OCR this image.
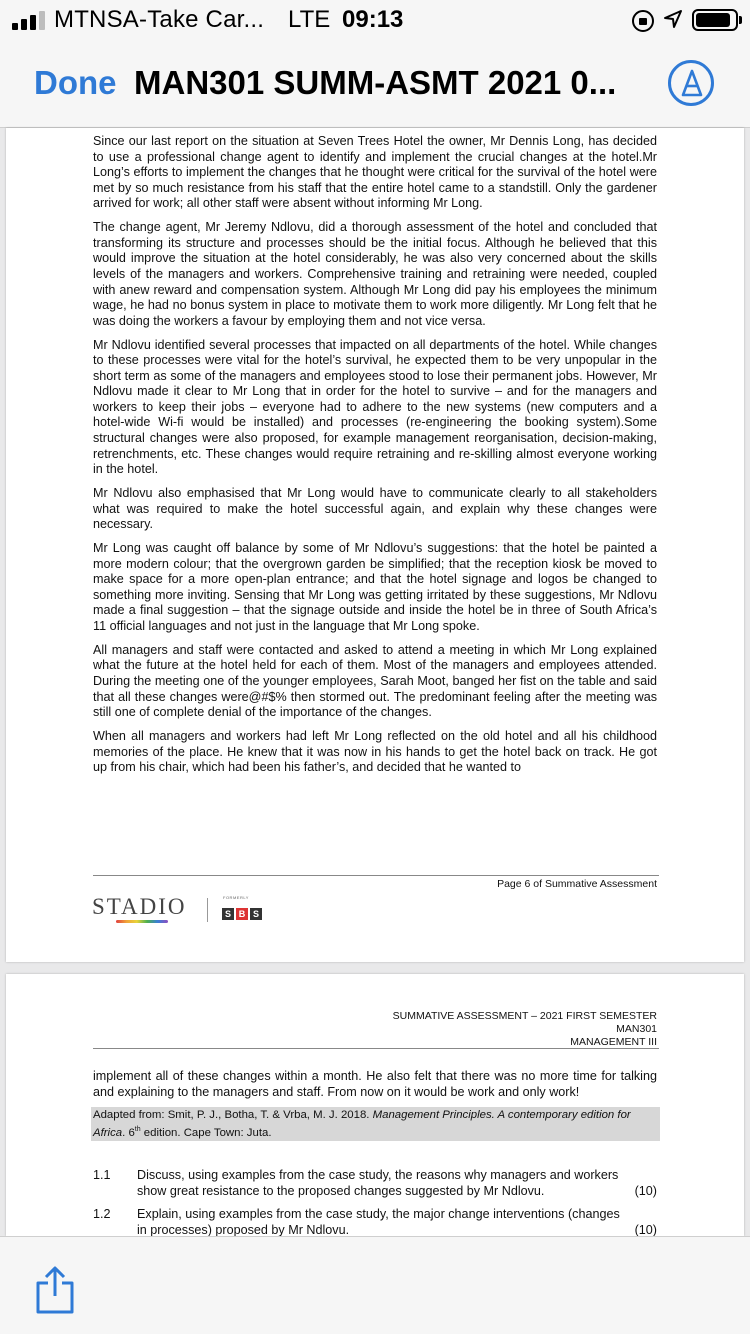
MTNSA-Take Car... LTE 09:13
Done MAN301 SUMM-ASMT 2021 0...

Since our last report on the situation at Seven Trees Hotel the owner, Mr Dennis Long, has decided to use a professional change agent to identify and implement the crucial changes at the hotel.Mr Long’s efforts to implement the changes that he thought were critical for the survival of the hotel were met by so much resistance from his staff that the entire hotel came to a standstill. Only the gardener arrived for work; all other staff were absent without informing Mr Long.

The change agent, Mr Jeremy Ndlovu, did a thorough assessment of the hotel and concluded that transforming its structure and processes should be the initial focus. Although he believed that this would improve the situation at the hotel considerably, he was also very concerned about the skills levels of the managers and workers. Comprehensive training and retraining were needed, coupled with anew reward and compensation system. Although Mr Long did pay his employees the minimum wage, he had no bonus system in place to motivate them to work more diligently. Mr Long felt that he was doing the workers a favour by employing them and not vice versa.

Mr Ndlovu identified several processes that impacted on all departments of the hotel. While changes to these processes were vital for the hotel’s survival, he expected them to be very unpopular in the short term as some of the managers and employees stood to lose their permanent jobs. However, Mr Ndlovu made it clear to Mr Long that in order for the hotel to survive – and for the managers and workers to keep their jobs – everyone had to adhere to the new systems (new computers and a hotel-wide Wi-fi would be installed) and processes (re-engineering the booking system).Some structural changes were also proposed, for example management reorganisation, decision-making, retrenchments, etc. These changes would require retraining and re-skilling almost everyone working in the hotel.

Mr Ndlovu also emphasised that Mr Long would have to communicate clearly to all stakeholders what was required to make the hotel successful again, and explain why these changes were necessary.

Mr Long was caught off balance by some of Mr Ndlovu’s suggestions: that the hotel be painted a more modern colour; that the overgrown garden be simplified; that the reception kiosk be moved to make space for a more open-plan entrance; and that the hotel signage and logos be changed to something more inviting. Sensing that Mr Long was getting irritated by these suggestions, Mr Ndlovu made a final suggestion – that the signage outside and inside the hotel be in three of South Africa’s 11 official languages and not just in the language that Mr Long spoke.

All managers and staff were contacted and asked to attend a meeting in which Mr Long explained what the future at the hotel held for each of them. Most of the managers and employees attended. During the meeting one of the younger employees, Sarah Moot, banged her fist on the table and said that all these changes were@#$% then stormed out. The predominant feeling after the meeting was still one of complete denial of the importance of the changes.

When all managers and workers had left Mr Long reflected on the old hotel and all his childhood memories of the place. He knew that it was now in his hands to get the hotel back on track. He got up from his chair, which had been his father’s, and decided that he wanted to

Page 6 of Summative Assessment
STADIO	FORMERLY
S B S
SUMMATIVE ASSESSMENT – 2021 FIRST SEMESTER
MAN301
MANAGEMENT III

implement all of these changes within a month. He also felt that there was no more time for talking and explaining to the managers and staff. From now on it would be work and only work!

Adapted from: Smit, P. J., Botha, T. & Vrba, M. J. 2018. Management Principles. A contemporary edition for Africa. 6th edition. Cape Town: Juta.
1.1	Discuss, using examples from the case study, the reasons why managers and workers
show great resistance to the proposed changes suggested by Mr Ndlovu.	(10)
1.2	Explain, using examples from the case study, the major change interventions (changes
in processes) proposed by Mr Ndlovu.	(10)
